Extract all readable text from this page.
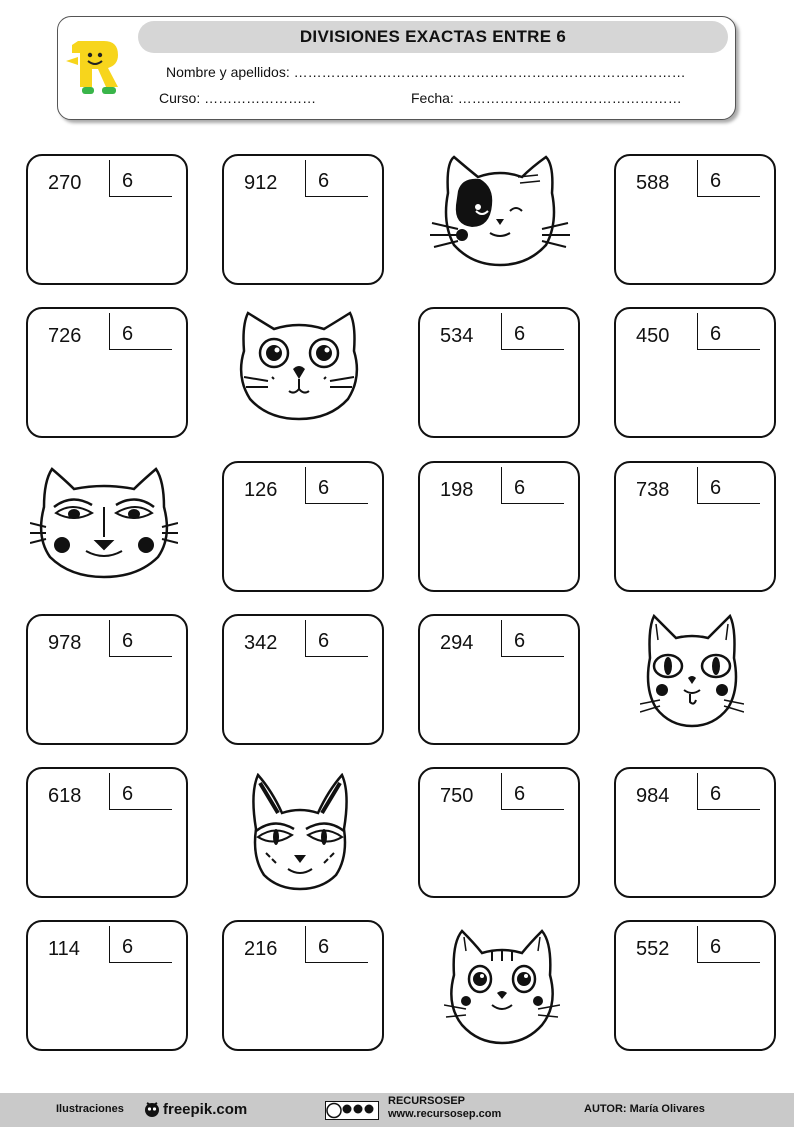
DIVISIONES EXACTAS ENTRE 6
Nombre y apellidos: …………………………………………………………………………
Curso: ……………………	Fecha: …………………………………………
270 6	912 6	588 6
726 6	534 6	450 6
126 6	198 6	738 6
978 6	342 6	294 6
618 6	750 6	984 6
114 6	216 6	552 6
Ilustraciones	freepik.com	RECURSOSEP
www.recursosep.com	AUTOR: María Olivares
